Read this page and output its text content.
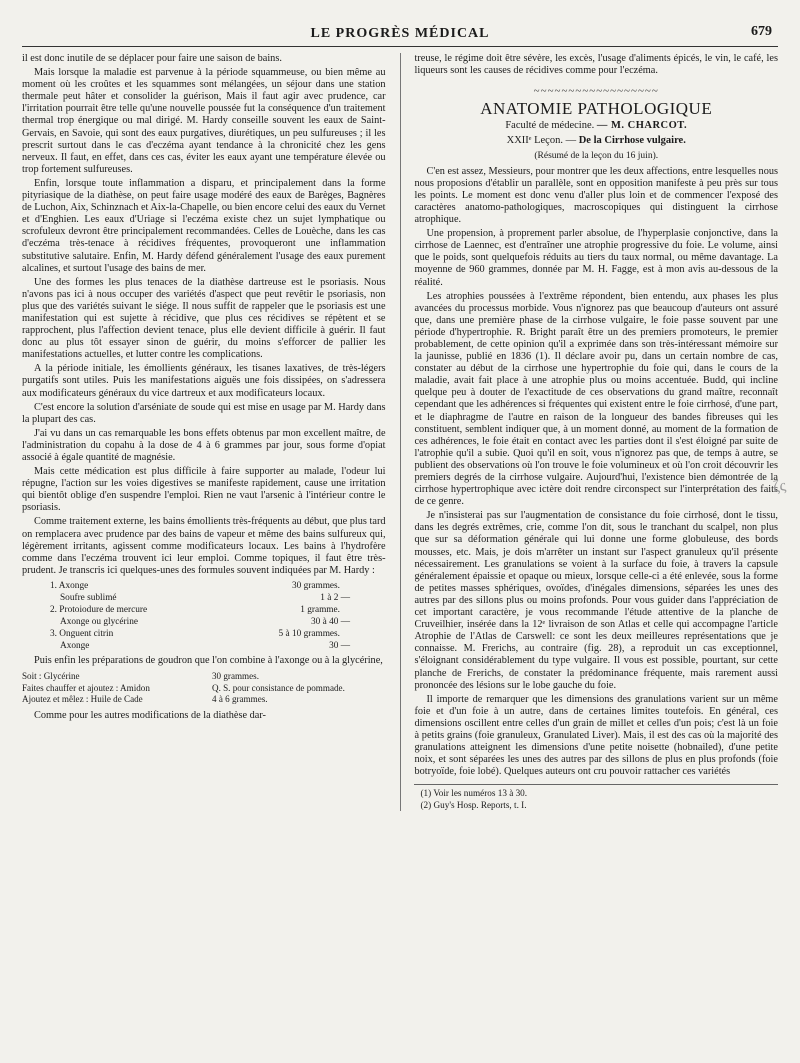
LE PROGRÈS MÉDICAL	679

il est donc inutile de se déplacer pour faire une saison de bains.

Mais lorsque la maladie est parvenue à la période squammeuse, ou bien même au moment où les croûtes et les squammes sont mélangées, un séjour dans une station thermale peut hâter et consolider la guérison, Mais il faut agir avec prudence, car l'irritation pourrait être telle qu'une nouvelle poussée fut la conséquence d'un traitement thermal trop énergique ou mal dirigé. M. Hardy conseille souvent les eaux de Saint-Gervais, en Savoie, qui sont des eaux purgatives, diurétiques, un peu sulfureuses ; il les prescrit surtout dans le cas d'eczéma ayant tendance à la chronicité chez les gens nerveux. Il faut, en effet, dans ces cas, éviter les eaux ayant une température élevée ou trop fortement sulfureuses.

Enfin, lorsque toute inflammation a disparu, et principalement dans la forme pityriasique de la diathèse, on peut faire usage modéré des eaux de Barèges, Bagnères de Luchon, Aix, Schinznach et Aix-la-Chapelle, ou bien encore celui des eaux du Vernet et d'Enghien. Les eaux d'Uriage si l'eczéma existe chez un sujet lymphatique ou scrofuleux devront être principalement recommandées. Celles de Louèche, dans les cas d'eczéma très-tenace à récidives fréquentes, provoqueront une inflammation substitutive salutaire. Enfin, M. Hardy défend généralement l'usage des eaux purement alcalines, et surtout l'usage des bains de mer.

Une des formes les plus tenaces de la diathèse dartreuse est le psoriasis. Nous n'avons pas ici à nous occuper des variétés d'aspect que peut revêtir le psoriasis, non plus que des variétés suivant le siége. Il nous suffit de rappeler que le psoriasis est une manifestation qui est sujette à récidive, que plus ces récidives se répètent et se rapprochent, plus l'affection devient tenace, plus elle devient difficile à guérir. Il faut donc au plus tôt essayer sinon de guérir, du moins s'efforcer de pallier les manifestations actuelles, et lutter contre les complications.

A la période initiale, les émollients généraux, les tisanes laxatives, de très-légers purgatifs sont utiles. Puis les manifestations aiguës une fois dissipées, on s'adressera aux modificateurs généraux du vice dartreux et aux modificateurs locaux.

C'est encore la solution d'arséniate de soude qui est mise en usage par M. Hardy dans la plupart des cas.

J'ai vu dans un cas remarquable les bons effets obtenus par mon excellent maître, de l'administration du copahu à la dose de 4 à 6 grammes par jour, sous forme d'opiat associé à égale quantité de magnésie.

Mais cette médication est plus difficile à faire supporter au malade, l'odeur lui répugne, l'action sur les voies digestives se manifeste rapidement, cause une irritation qui bientôt oblige d'en suspendre l'emploi. Rien ne vaut l'arsenic à l'intérieur contre le psoriasis.

Comme traitement externe, les bains émollients très-fréquents au début, que plus tard on remplacera avec prudence par des bains de vapeur et même des bains sulfureux qui, légèrement irritants, agissent comme modificateurs locaux. Les bains à l'hydrofère comme dans l'eczéma trouvent ici leur emploi. Comme topiques, il faut être très-prudent. Je transcris ici quelques-unes des formules souvent indiquées par M. Hardy :

1. Axonge	30 grammes.
Soufre sublimé	1 à 2 —
2. Protoiodure de mercure	1 gramme.
Axonge ou glycérine	30 à 40 —
3. Onguent citrin	5 à 10 grammes.
Axonge	30 —

Puis enfin les préparations de goudron que l'on combine à l'axonge ou à la glycérine,

Soit : Glycérine	30 grammes.
Faites chauffer et ajoutez : Amidon	Q. S. pour consistance de pommade.
Ajoutez et mêlez : Huile de Cade	4 à 6 grammes.

Comme pour les autres modifications de la diathèse dar-

treuse, le régime doit être sévère, les excès, l'usage d'aliments épicés, le vin, le café, les liqueurs sont les causes de récidives comme pour l'eczéma.

~~~~~~~~~~~~~~~~~~
ANATOMIE PATHOLOGIQUE
Faculté de médecine. — M. CHARCOT.
XXIIᵉ Leçon. — De la Cirrhose vulgaire.
(Résumé de la leçon du 16 juin).

C'en est assez, Messieurs, pour montrer que les deux affections, entre lesquelles nous nous proposions d'établir un parallèle, sont en opposition manifeste à peu près sur tous les points. Le moment est donc venu d'aller plus loin et de commencer l'exposé des caractères anatomo-pathologiques, macroscopiques qui distinguent la cirrhose atrophique.

Une propension, à proprement parler absolue, de l'hyperplasie conjonctive, dans la cirrhose de Laennec, est d'entraîner une atrophie progressive du foie. Le volume, ainsi que le poids, sont quelquefois réduits au tiers du taux normal, ou même davantage. La moyenne de 960 grammes, donnée par M. H. Fagge, est à mon avis au-dessous de la réalité.

Les atrophies poussées à l'extrême répondent, bien entendu, aux phases les plus avancées du processus morbide. Vous n'ignorez pas que beaucoup d'auteurs ont assuré que, dans une première phase de la cirrhose vulgaire, le foie passe souvent par une période d'hypertrophie. R. Bright paraît être un des premiers promoteurs, le premier probablement, de cette opinion qu'il a exprimée dans son très-intéressant mémoire sur la jaunisse, publié en 1836 (1). Il déclare avoir pu, dans un certain nombre de cas, constater au début de la cirrhose une hypertrophie du foie qui, dans le cours de la maladie, avait fait place à une atrophie plus ou moins accentuée. Budd, qui incline quelque peu à douter de l'exactitude de ces observations du grand maître, reconnaît cependant que les adhérences si fréquentes qui existent entre le foie cirrhosé, d'une part, et le diaphragme de l'autre en raison de la longueur des bandes fibreuses qui les constituent, semblent indiquer que, à un moment donné, au moment de la formation de ces adhérences, le foie était en contact avec les parties dont il s'est éloigné par suite de l'atrophie qu'il a subie. Quoi qu'il en soit, vous n'ignorez pas que, de temps à autre, se publient des observations où l'on trouve le foie volumineux et où l'on croit découvrir les premiers degrés de la cirrhose vulgaire. Aujourd'hui, l'existence bien démontrée de la cirrhose hypertrophique avec ictère doit rendre circonspect sur l'interprétation des faits de ce genre.

Je n'insisterai pas sur l'augmentation de consistance du foie cirrhosé, dont le tissu, dans les degrés extrêmes, crie, comme l'on dit, sous le tranchant du scalpel, non plus que sur sa déformation générale qui lui donne une forme globuleuse, des bords mousses, etc. Mais, je dois m'arrêter un instant sur l'aspect granuleux qu'il présente nécessairement. Les granulations se voient à la surface du foie, à travers la capsule généralement épaissie et opaque ou mieux, lorsque celle-ci a été enlevée, sous la forme de petites masses sphériques, ovoïdes, d'inégales dimensions, séparées les unes des autres par des sillons plus ou moins profonds. Pour vous guider dans l'appréciation de cet important caractère, je vous recommande l'étude attentive de la planche de Cruveilhier, insérée dans la 12ᵉ livraison de son Atlas et celle qui accompagne l'article Atrophie de l'Atlas de Carswell: ce sont les deux meilleures représentations que je connaisse. M. Frerichs, au contraire (fig. 28), a reproduit un cas exceptionnel, s'éloignant considérablement du type vulgaire. Il vous est possible, pourtant, sur cette planche de Frerichs, de constater la prédominance fréquente, mais rarement aussi prononcée des lésions sur le lobe gauche du foie.

Il importe de remarquer que les dimensions des granulations varient sur un même foie et d'un foie à un autre, dans de certaines limites toutefois. En général, ces dimensions oscillent entre celles d'un grain de millet et celles d'un pois; c'est là un foie à petits grains (foie granuleux, Granulated Liver). Mais, il est des cas où la majorité des granulations atteignent les dimensions d'une petite noisette (hobnailed), d'une petite noix, et sont séparées les unes des autres par des sillons de plus en plus profonds (foie botryoïde, foie lobé). Quelques auteurs ont cru pouvoir rattacher ces variétés

(1) Voir les numéros 13 à 30.
(2) Guy's Hosp. Reports, t. I.
ζς
